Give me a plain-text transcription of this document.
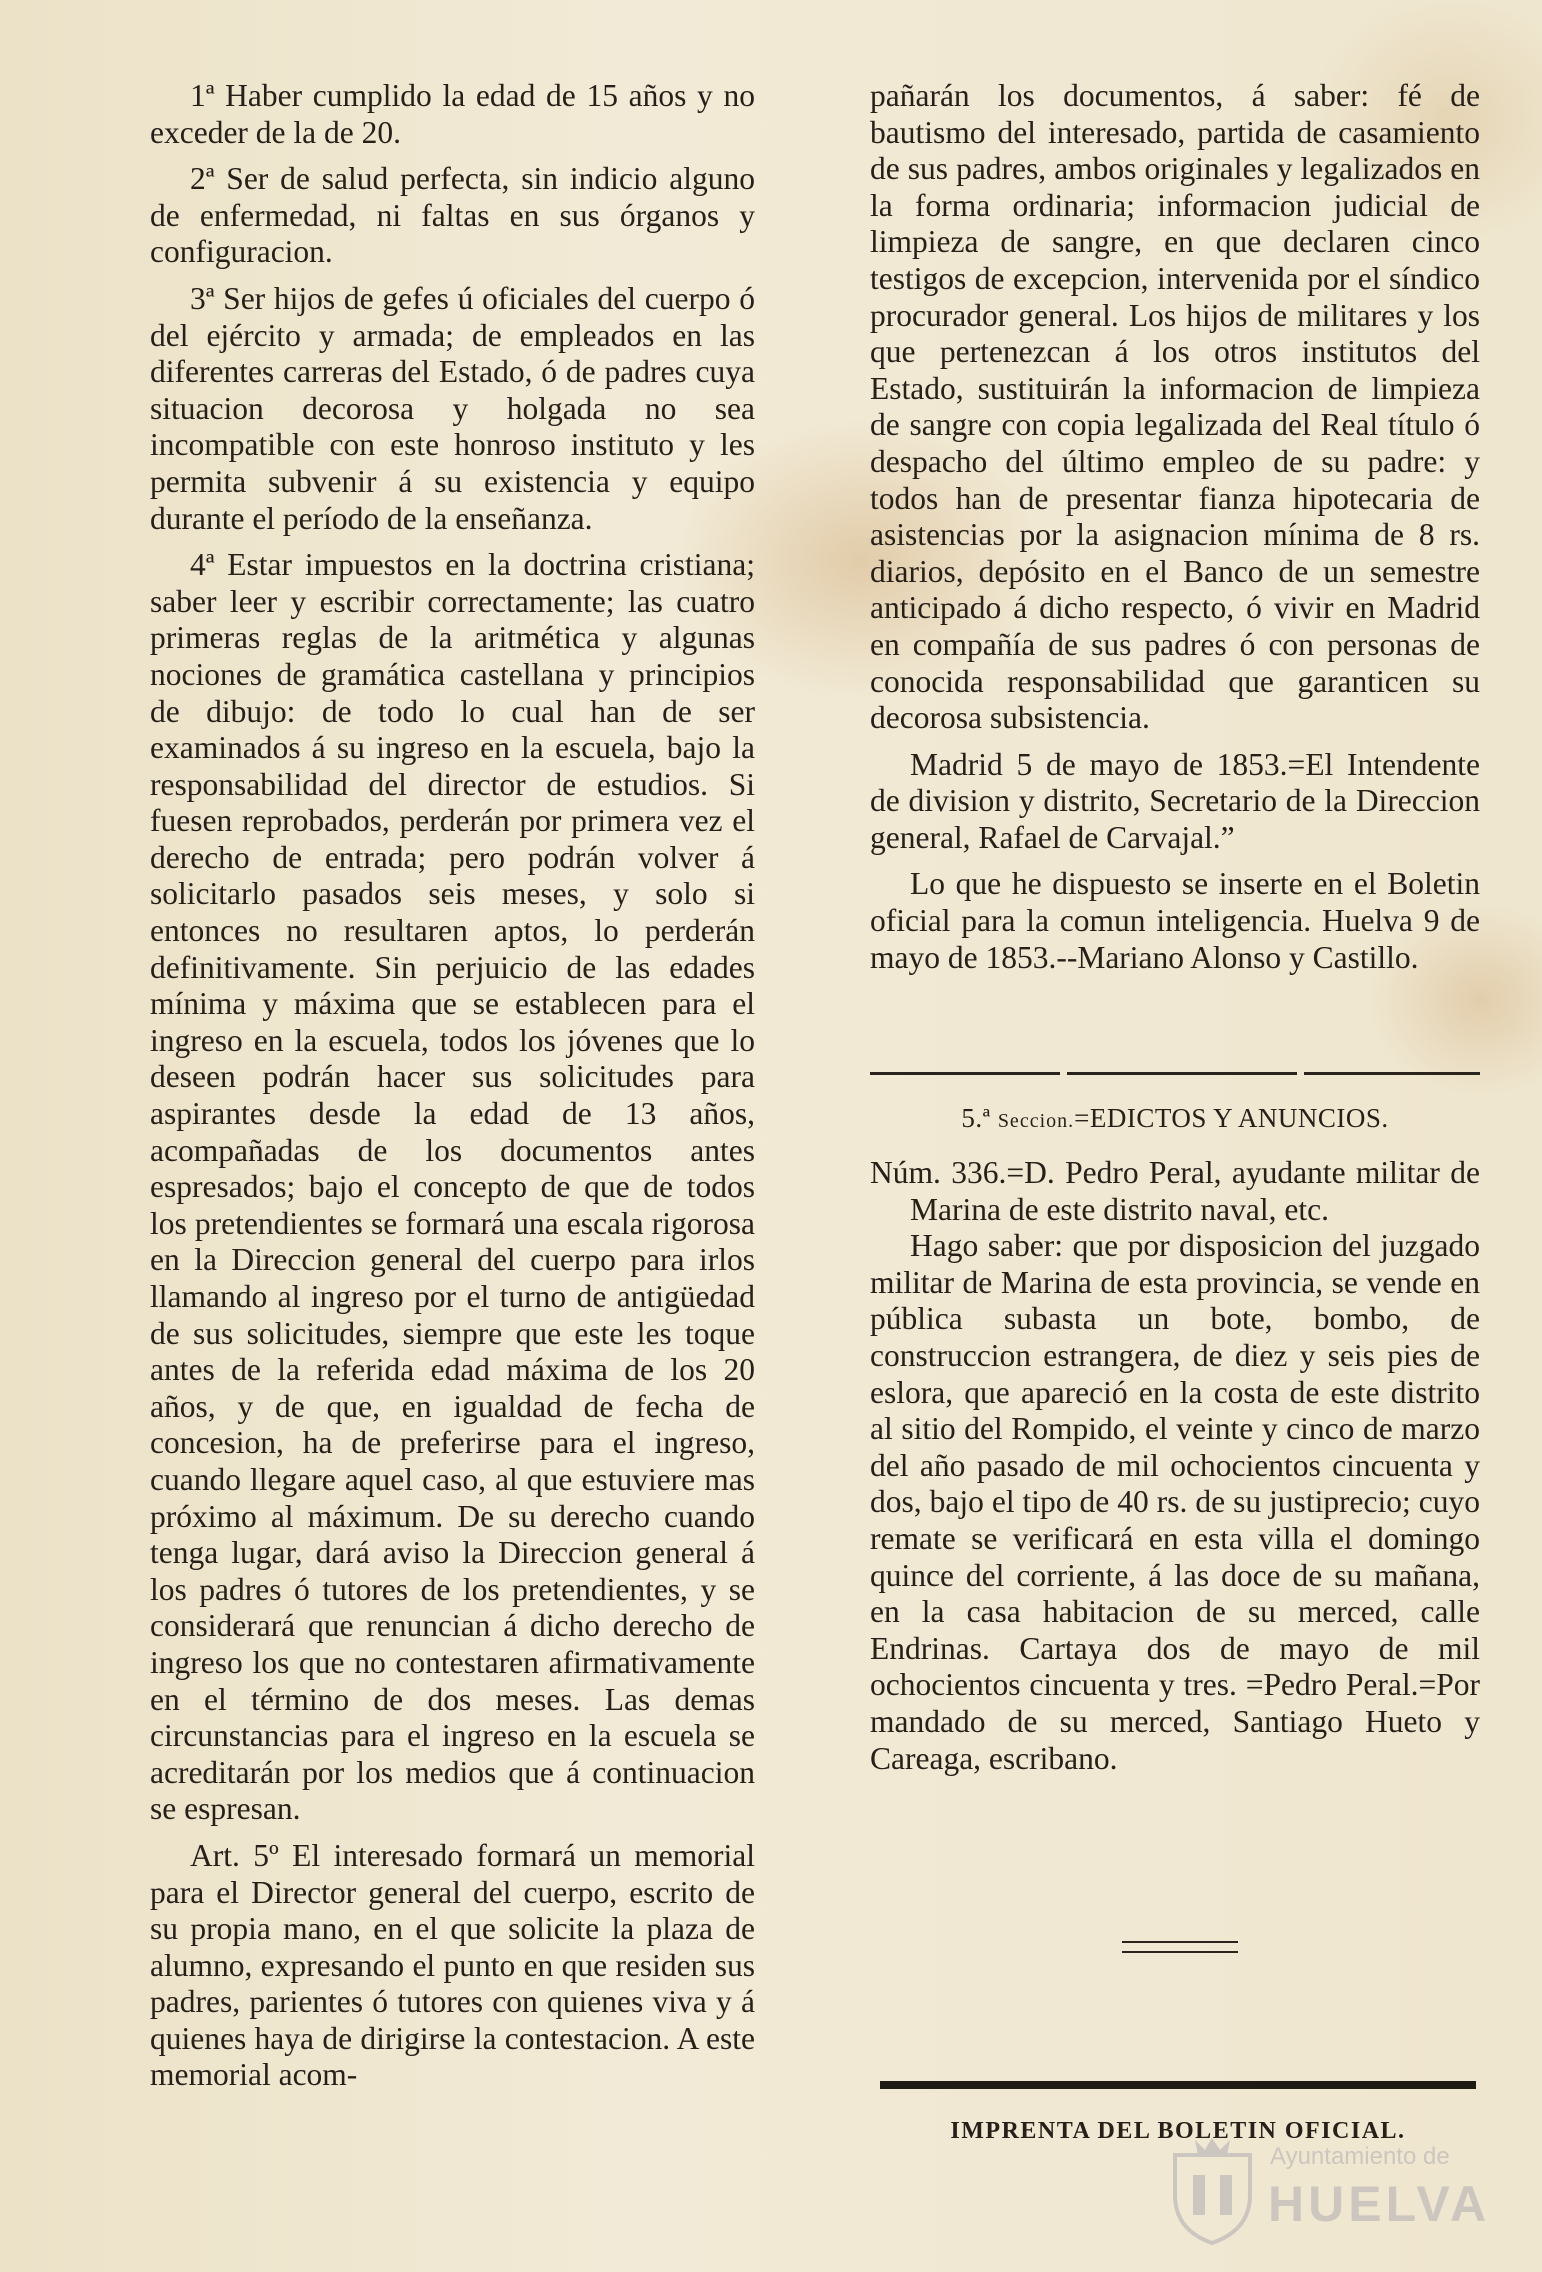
1ª Haber cumplido la edad de 15 años y no exceder de la de 20.

2ª Ser de salud perfecta, sin indicio alguno de enfermedad, ni faltas en sus órganos y configuracion.

3ª Ser hijos de gefes ú oficiales del cuerpo ó del ejército y armada; de empleados en las diferentes carreras del Estado, ó de padres cuya situacion decorosa y holgada no sea incompatible con este honroso instituto y les permita subvenir á su existencia y equipo durante el período de la enseñanza.

4ª Estar impuestos en la doctrina cristiana; saber leer y escribir correctamente; las cuatro primeras reglas de la aritmética y algunas nociones de gramática castellana y principios de dibujo: de todo lo cual han de ser examinados á su ingreso en la escuela, bajo la responsabilidad del director de estudios. Si fuesen reprobados, perderán por primera vez el derecho de entrada; pero podrán volver á solicitarlo pasados seis meses, y solo si entonces no resultaren aptos, lo perderán definitivamente. Sin perjuicio de las edades mínima y máxima que se establecen para el ingreso en la escuela, todos los jóvenes que lo deseen podrán hacer sus solicitudes para aspirantes desde la edad de 13 años, acompañadas de los documentos antes espresados; bajo el concepto de que de todos los pretendientes se formará una escala rigorosa en la Direccion general del cuerpo para irlos llamando al ingreso por el turno de antigüedad de sus solicitudes, siempre que este les toque antes de la referida edad máxima de los 20 años, y de que, en igualdad de fecha de concesion, ha de preferirse para el ingreso, cuando llegare aquel caso, al que estuviere mas próximo al máximum. De su derecho cuando tenga lugar, dará aviso la Direccion general á los padres ó tutores de los pretendientes, y se considerará que renuncian á dicho derecho de ingreso los que no contestaren afirmativamente en el término de dos meses. Las demas circunstancias para el ingreso en la escuela se acreditarán por los medios que á continuacion se espresan.

Art. 5º El interesado formará un memorial para el Director general del cuerpo, escrito de su propia mano, en el que solicite la plaza de alumno, expresando el punto en que residen sus padres, parientes ó tutores con quienes viva y á quienes haya de dirigirse la contestacion. A este memorial acom-

pañarán los documentos, á saber: fé de bautismo del interesado, partida de casamiento de sus padres, ambos originales y legalizados en la forma ordinaria; informacion judicial de limpieza de sangre, en que declaren cinco testigos de excepcion, intervenida por el síndico procurador general. Los hijos de militares y los que pertenezcan á los otros institutos del Estado, sustituirán la informacion de limpieza de sangre con copia legalizada del Real título ó despacho del último empleo de su padre: y todos han de presentar fianza hipotecaria de asistencias por la asignacion mínima de 8 rs. diarios, depósito en el Banco de un semestre anticipado á dicho respecto, ó vivir en Madrid en compañía de sus padres ó con personas de conocida responsabilidad que garanticen su decorosa subsistencia.

Madrid 5 de mayo de 1853.=El Intendente de division y distrito, Secretario de la Direccion general, Rafael de Carvajal.”

Lo que he dispuesto se inserte en el Boletin oficial para la comun inteligencia. Huelva 9 de mayo de 1853.--Mariano Alonso y Castillo.

5.ª Seccion.=EDICTOS Y ANUNCIOS.

Núm. 336.=D. Pedro Peral, ayudante militar de Marina de este distrito naval, etc.

Hago saber: que por disposicion del juzgado militar de Marina de esta provincia, se vende en pública subasta un bote, bombo, de construccion estrangera, de diez y seis pies de eslora, que apareció en la costa de este distrito al sitio del Rompido, el veinte y cinco de marzo del año pasado de mil ochocientos cincuenta y dos, bajo el tipo de 40 rs. de su justiprecio; cuyo remate se verificará en esta villa el domingo quince del corriente, á las doce de su mañana, en la casa habitacion de su merced, calle Endrinas. Cartaya dos de mayo de mil ochocientos cincuenta y tres. =Pedro Peral.=Por mandado de su merced, Santiago Hueto y Careaga, escribano.

IMPRENTA DEL BOLETIN OFICIAL.
Ayuntamiento de
HUELVA
